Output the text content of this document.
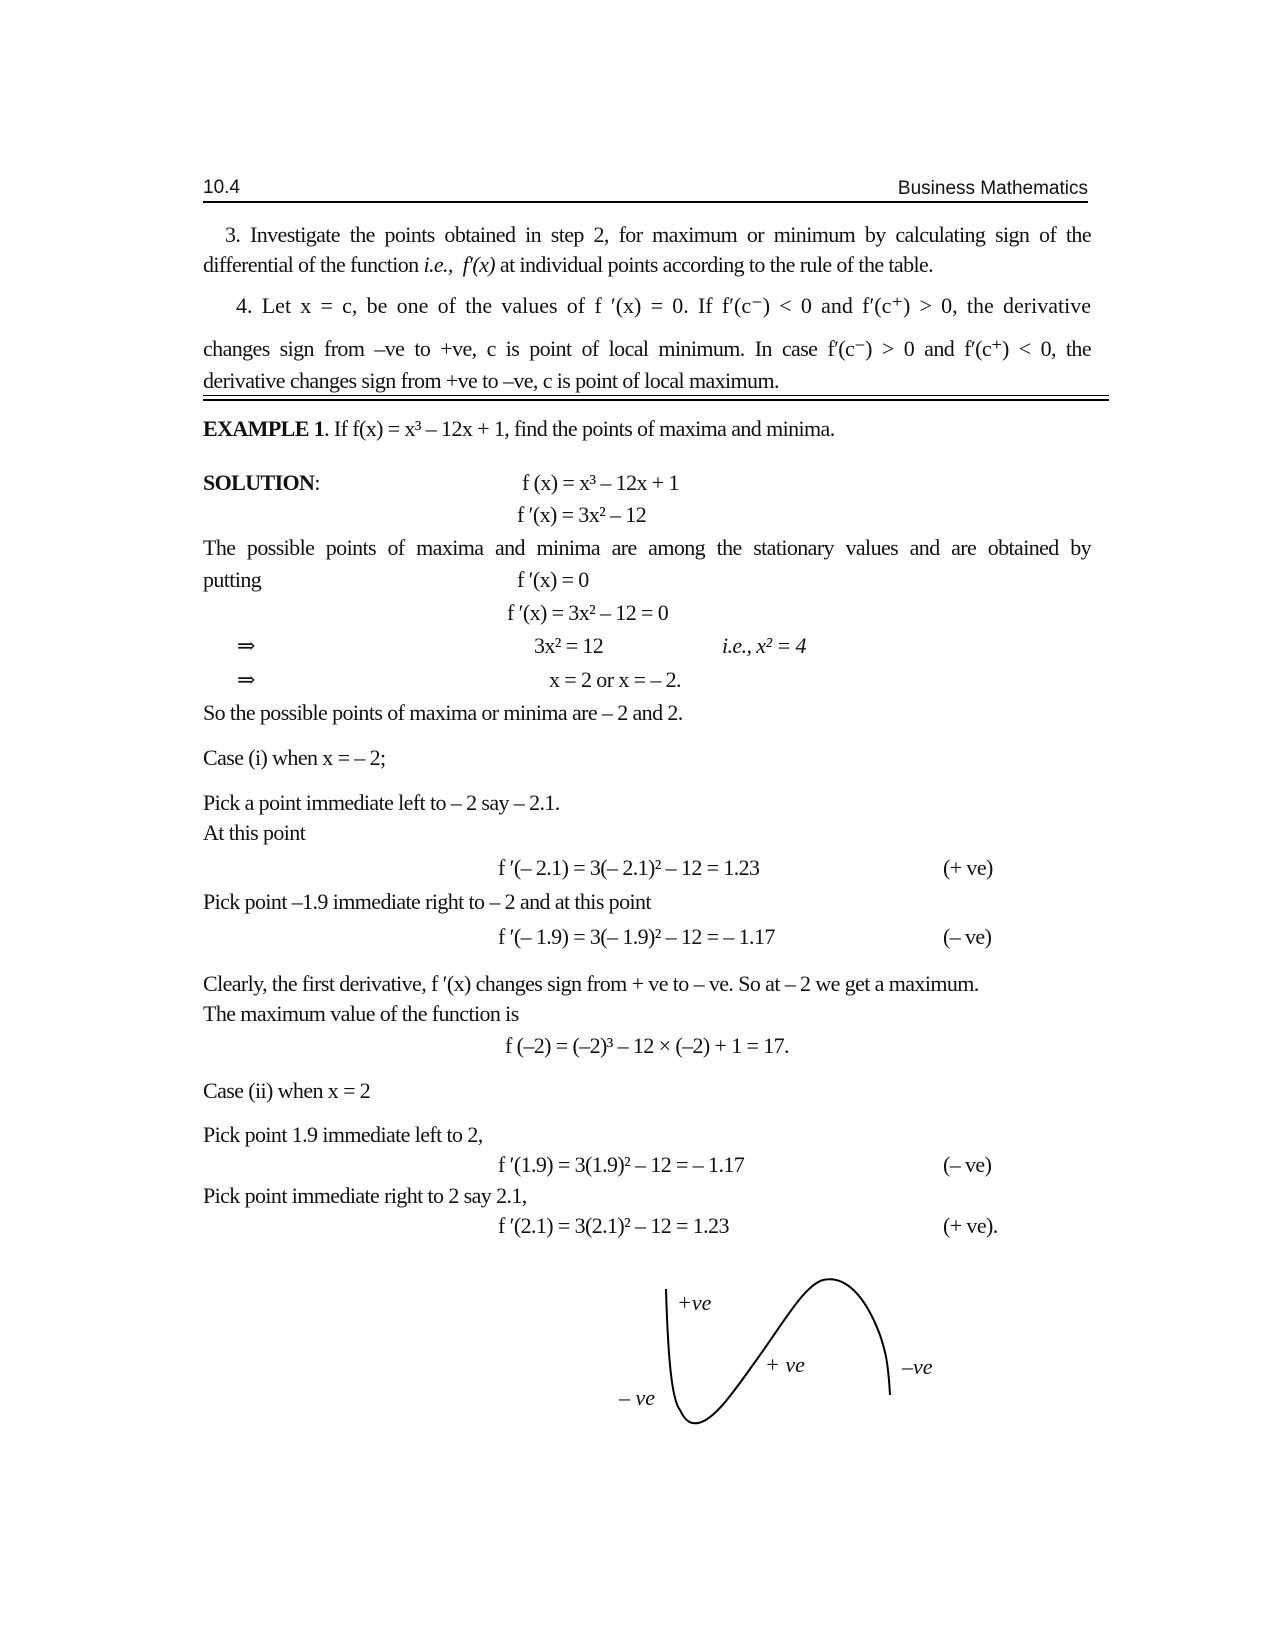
10.4	Business Mathematics
3. Investigate the points obtained in step 2, for maximum or minimum by calculating sign of the
differential of the function i.e., f′(x) at individual points according to the rule of the table.
4. Let x = c, be one of the values of f ′(x) = 0. If f′(c⁻) < 0 and f′(c⁺) > 0, the derivative
changes sign from –ve to +ve, c is point of local minimum. In case f′(c⁻) > 0 and f′(c⁺) < 0, the
derivative changes sign from +ve to –ve, c is point of local maximum.
EXAMPLE 1. If f(x) = x³ – 12x + 1, find the points of maxima and minima.
SOLUTION:	f (x) = x³ – 12x + 1
f ′(x) = 3x² – 12
The possible points of maxima and minima are among the stationary values and are obtained by
putting	f ′(x) = 0
f ′(x) = 3x² – 12 = 0
⇒	3x² = 12	i.e., x² = 4
⇒	x = 2 or x = – 2.
So the possible points of maxima or minima are – 2 and 2.
Case (i) when x = – 2;
Pick a point immediate left to – 2 say – 2.1.
At this point
f ′(– 2.1) = 3(– 2.1)² – 12 = 1.23	(+ ve)
Pick point –1.9 immediate right to – 2 and at this point
f ′(– 1.9) = 3(– 1.9)² – 12 = – 1.17	(– ve)
Clearly, the first derivative, f ′(x) changes sign from + ve to – ve. So at – 2 we get a maximum.
The maximum value of the function is
f (–2) = (–2)³ – 12 × (–2) + 1 = 17.
Case (ii) when x = 2
Pick point 1.9 immediate left to 2,
f ′(1.9) = 3(1.9)² – 12 = – 1.17	(– ve)
Pick point immediate right to 2 say 2.1,
f ′(2.1) = 3(2.1)² – 12 = 1.23	(+ ve).
+ve
+ ve	–ve
– ve
